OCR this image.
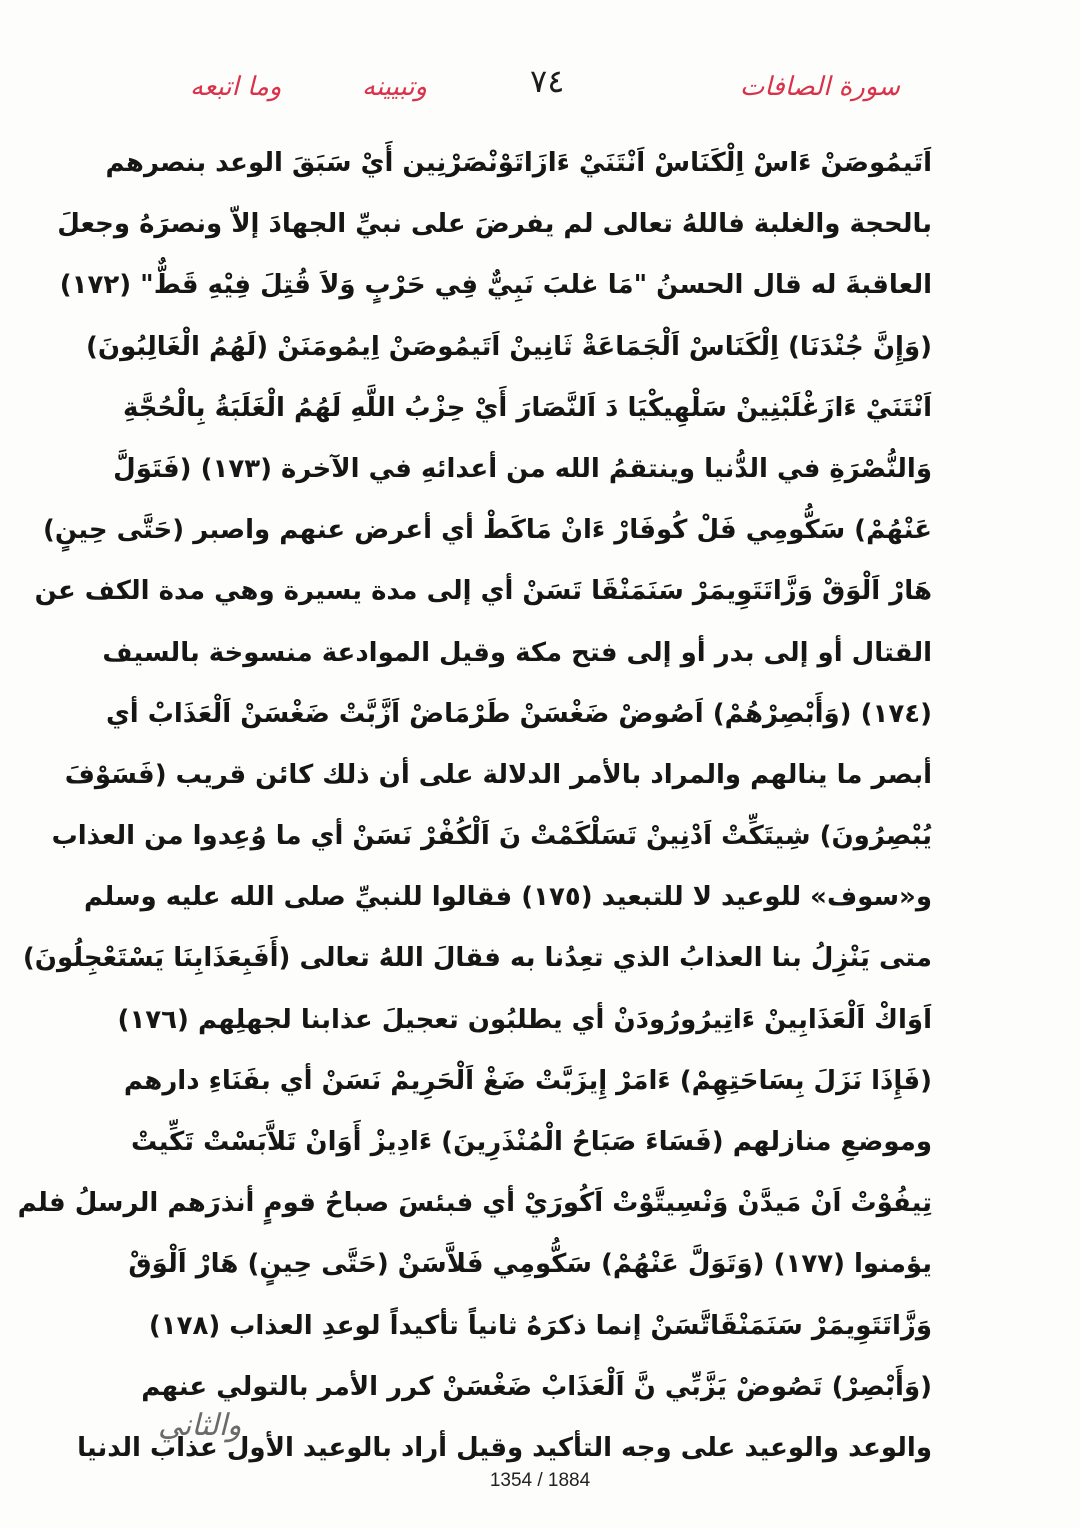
وما اتبعه	وتبيينه	٧٤	سورة الصافات
اَتَيمُوصَنْ ءَاسْ اِلْكَنَاسْ اَنْتَنَيْ ءَازَاتَوْنْصَرْنِين أَيْ سَبَقَ الوعد بنصرهم
بالحجة والغلبة فاللهُ تعالى لم يفرضَ على نبيِّ الجهادَ إلاّ ونصرَهُ وجعلَ
العاقبةَ له قال الحسنُ "مَا غلبَ نَبِيٌّ فِي حَرْبٍ وَلاَ قُتِلَ فِيْهِ قَطٌّ" (١٧٢)
(وَإِنَّ جُنْدَنَا) اِلْكَنَاسْ اَلْجَمَاعَةْ ثَانِينْ اَتَيمُوصَنْ اِيمُومَنَنْ (لَهُمُ الْغَالِبُونَ)
اَنْتَنَيْ ءَازَغْلَبْنِينْ سَلْهِيكْيَا دَ اَلنَّصَارَ أَيْ حِزْبُ اللَّهِ لَهُمُ الْغَلَبَةُ بِالْحُجَّةِ
وَالنُّصْرَةِ في الدُّنيا وينتقمُ الله من أعدائهِ في الآخرة (١٧٣) (فَتَوَلَّ
عَنْهُمْ) سَكُّومِي فَلْ كُوفَارْ ءَانْ مَاكَطْ أي أعرض عنهم واصبر (حَتَّى حِينٍ)
هَارْ اَلْوَقْ وَزَّاتَتَوِيمَرْ سَنَمَنْقَا تَسَنْ أي إلى مدة يسيرة وهي مدة الكف عن
القتال أو إلى بدر أو إلى فتح مكة وقيل الموادعة منسوخة بالسيف
(١٧٤) (وَأَبْصِرْهُمْ) اَصُوضْ ضَغْسَنْ طَرْمَاضْ اَزَّبَّتْ ضَغْسَنْ اَلْعَذَابْ أي
أبصر ما ينالهم والمراد بالأمر الدلالة على أن ذلك كائن قريب (فَسَوْفَ
يُبْصِرُونَ) شِيتَكِّتْ اَدْنِينْ تَسَلْكَمْتْ نَ اَلْكُفْرْ نَسَنْ أي ما وُعِدوا من العذاب
و«سوف» للوعيد لا للتبعيد (١٧٥) فقالوا للنبيِّ صلى الله عليه وسلم
متى يَنْزِلُ بنا العذابُ الذي تعِدُنا به فقالَ اللهُ تعالى (أَفَبِعَذَابِنَا يَسْتَعْجِلُونَ)
اَوَاكْ اَلْعَذَابِينْ ءَاتِيرُورُودَنْ أي يطلبُون تعجيلَ عذابنا لجهلِهم (١٧٦)
(فَإِذَا نَزَلَ بِسَاحَتِهِمْ) ءَامَرْ إِيزَبَّتْ ضَغْ اَلْحَرِيمْ نَسَنْ أي بفَنَاءِ دارهم
وموضعِ منازلهم (فَسَاءَ صَبَاحُ الْمُنْذَرِينَ) ءَادِيزْ أَوَانْ تَلاَّبَسْتْ تَكِّيتْ
تِيفُوْتْ اَنْ مَيدَّنْ وَنْسِيتَّوْتْ اَكُورَيْ أي فبئسَ صباحُ قومٍ أنذرَهم الرسلُ فلم
يؤمنوا (١٧٧) (وَتَوَلَّ عَنْهُمْ) سَكُّومِي فَلاَّسَنْ (حَتَّى حِينٍ) هَارْ اَلْوَقْ
وَزَّاتَتَوِيمَرْ سَنَمَنْقَاتَّسَنْ إنما ذكرَهُ ثانياً تأكيداً لوعدِ العذاب (١٧٨)
(وَأَبْصِرْ) تَصُوضْ يَزَّبِّي نَّ اَلْعَذَابْ ضَغْسَنْ كرر الأمر بالتولي عنهم
والوعد والوعيد على وجه التأكيد وقيل أراد بالوعيد الأول عذاب الدنيا
والثاني
1354 / 1884
